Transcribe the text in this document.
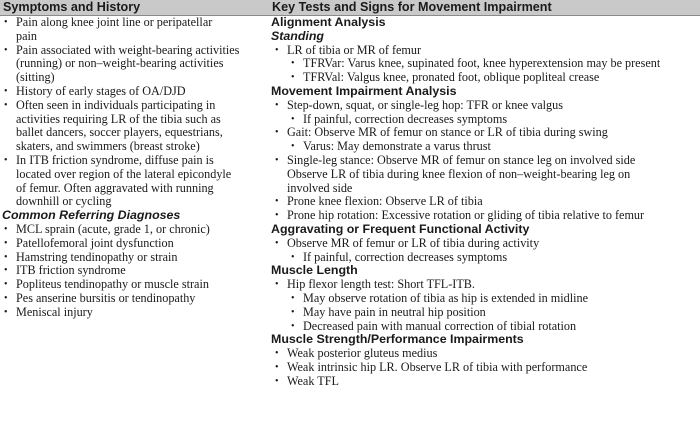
Symptoms and History	Key Tests and Signs for Movement Impairment
• Pain along knee joint line or peripatellar
pain
• Pain associated with weight-bearing activities
(running) or non–weight-bearing activities
(sitting)
• History of early stages of OA/DJD
• Often seen in individuals participating in
activities requiring LR of the tibia such as
ballet dancers, soccer players, equestrians,
skaters, and swimmers (breast stroke)
• In ITB friction syndrome, diffuse pain is
located over region of the lateral epicondyle
of femur. Often aggravated with running
downhill or cycling
Common Referring Diagnoses
• MCL sprain (acute, grade 1, or chronic)
• Patellofemoral joint dysfunction
• Hamstring tendinopathy or strain
• ITB friction syndrome
• Popliteus tendinopathy or muscle strain
• Pes anserine bursitis or tendinopathy
• Meniscal injury
Alignment Analysis
Standing
• LR of tibia or MR of femur
• TFRVar: Varus knee, supinated foot, knee hyperextension may be present
• TFRVal: Valgus knee, pronated foot, oblique popliteal crease
Movement Impairment Analysis
• Step-down, squat, or single-leg hop: TFR or knee valgus
• If painful, correction decreases symptoms
• Gait: Observe MR of femur on stance or LR of tibia during swing
• Varus: May demonstrate a varus thrust
• Single-leg stance: Observe MR of femur on stance leg on involved side
Observe LR of tibia during knee flexion of non–weight-bearing leg on
involved side
• Prone knee flexion: Observe LR of tibia
• Prone hip rotation: Excessive rotation or gliding of tibia relative to femur
Aggravating or Frequent Functional Activity
• Observe MR of femur or LR of tibia during activity
• If painful, correction decreases symptoms
Muscle Length
• Hip flexor length test: Short TFL-ITB.
• May observe rotation of tibia as hip is extended in midline
• May have pain in neutral hip position
• Decreased pain with manual correction of tibial rotation
Muscle Strength/Performance Impairments
• Weak posterior gluteus medius
• Weak intrinsic hip LR. Observe LR of tibia with performance
• Weak TFL
